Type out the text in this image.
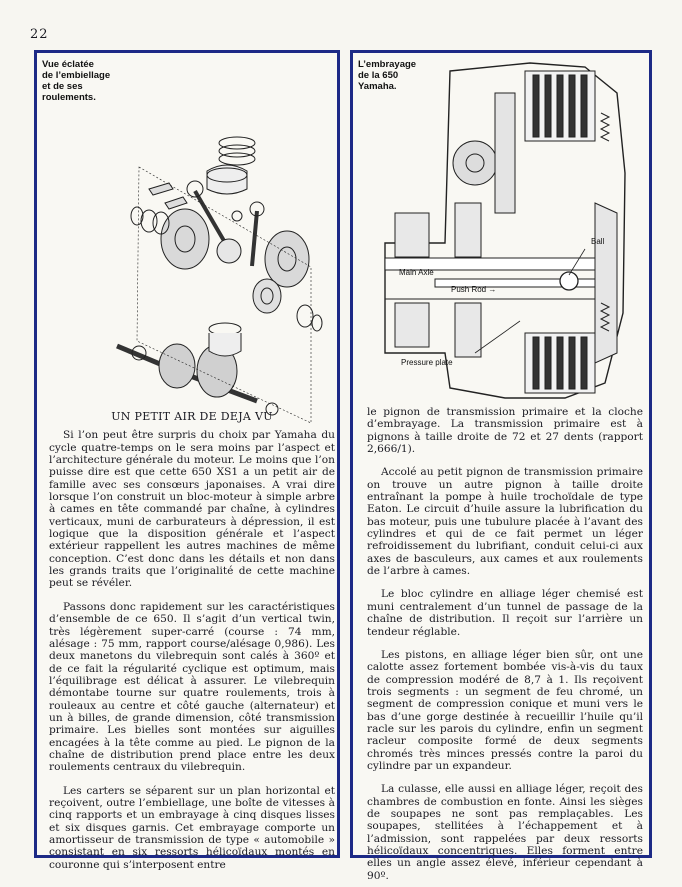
22
Vue éclatée
de l’embiellage
et de ses
roulements.
UN PETIT AIR DE DEJA VU

Si l’on peut être surpris du choix par Yamaha du cycle quatre-temps on le sera moins par l’aspect et l’architecture générale du moteur. Le moins que l’on puisse dire est que cette 650 XS1 a un petit air de famille avec ses consœurs japonaises. A vrai dire lorsque l’on construit un bloc-moteur à simple arbre à cames en tête commandé par chaîne, à cylindres verticaux, muni de carburateurs à dépression, il est logique que la disposition générale et l’aspect extérieur rappellent les autres machines de même conception. C’est donc dans les détails et non dans les grands traits que l’originalité de cette machine peut se révéler.

Passons donc rapidement sur les caractéristiques d’ensemble de ce 650. Il s’agit d’un vertical twin, très légèrement super-carré (course : 74 mm, alésage : 75 mm, rapport course/alésage 0,986). Les deux manetons du vilebrequin sont calés à 360º et de ce fait la régularité cyclique est optimum, mais l’équilibrage est délicat à assurer. Le vilebrequin démontabe tourne sur quatre roulements, trois à rouleaux au centre et côté gauche (alternateur) et un à billes, de grande dimension, côté transmission primaire. Les bielles sont montées sur aiguilles encagées à la tête comme au pied. Le pignon de la chaîne de distribution prend place entre les deux roulements centraux du vilebrequin.

Les carters se séparent sur un plan horizontal et reçoivent, outre l’embiellage, une boîte de vitesses à cinq rapports et un embrayage à cinq disques lisses et six disques garnis. Cet embrayage comporte un amortisseur de transmission de type « automobile » consistant en six ressorts hélicoïdaux montés en couronne qui s’interposent entre

Ball
Main Axle
Push Rod →
Pressure plate
L’embrayage
de la 650
Yamaha.

le pignon de transmission primaire et la cloche d’embrayage. La transmission primaire est à pignons à taille droite de 72 et 27 dents (rapport 2,666/1).

Accolé au petit pignon de transmission primaire on trouve un autre pignon à taille droite entraînant la pompe à huile trochoïdale de type Eaton. Le circuit d’huile assure la lubrification du bas moteur, puis une tubulure placée à l’avant des cylindres et qui de ce fait permet un léger refroidissement du lubrifiant, conduit celui-ci aux axes de basculeurs, aux cames et aux roulements de l’arbre à cames.

Le bloc cylindre en alliage léger chemisé est muni centralement d’un tunnel de passage de la chaîne de distribution. Il reçoit sur l’arrière un tendeur réglable.

Les pistons, en alliage léger bien sûr, ont une calotte assez fortement bombée vis-à-vis du taux de compression modéré de 8,7 à 1. Ils reçoivent trois segments : un segment de feu chromé, un segment de compression conique et muni vers le bas d’une gorge destinée à recueillir l’huile qu’il racle sur les parois du cylindre, enfin un segment racleur composite formé de deux segments chromés très minces pressés contre la paroi du cylindre par un expandeur.

La culasse, elle aussi en alliage léger, reçoit des chambres de combustion en fonte. Ainsi les sièges de soupapes ne sont pas remplaçables. Les soupapes, stellitées à l’échappement et à l’admission, sont rappelées par deux ressorts hélicoïdaux concentriques. Elles forment entre elles un angle assez élevé, inférieur cependant à 90º.
